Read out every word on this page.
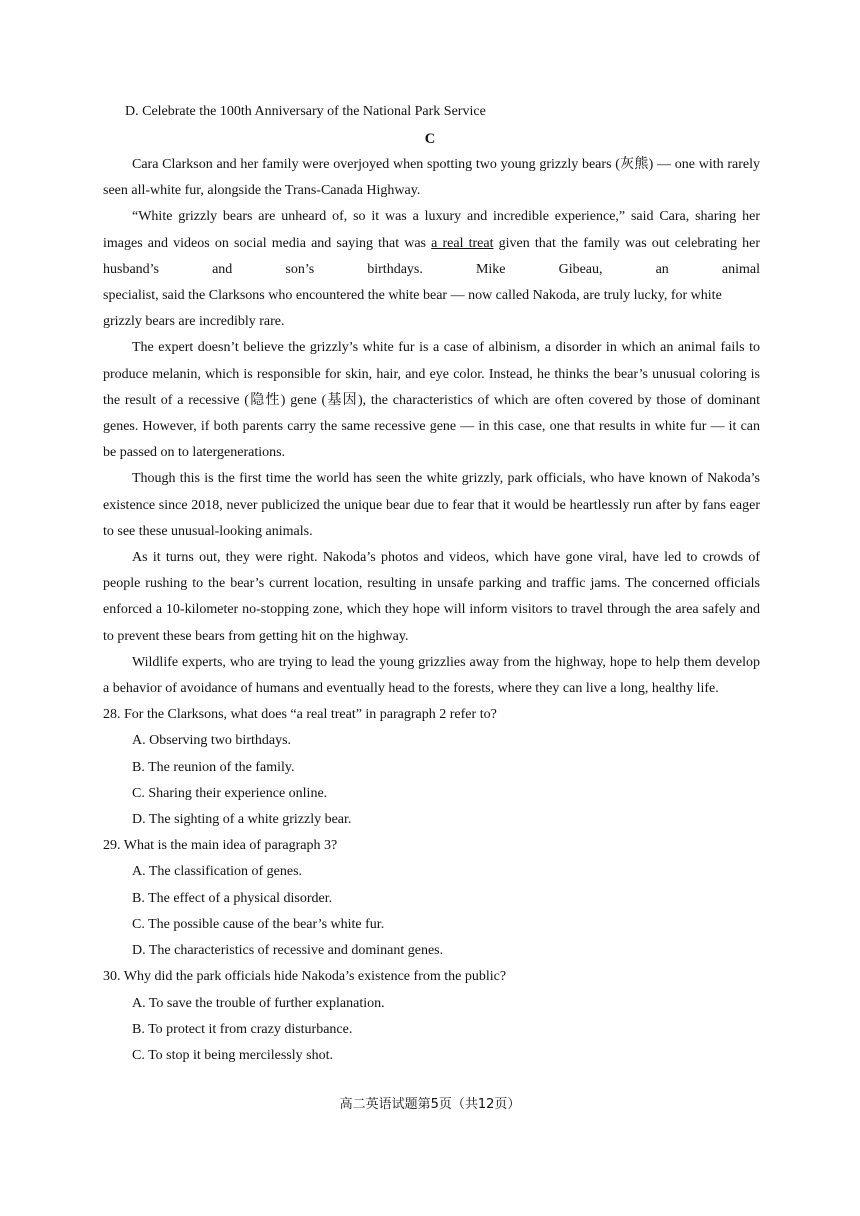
D. Celebrate the 100th Anniversary of the National Park Service
C

Cara Clarkson and her family were overjoyed when spotting two young grizzly bears (灰熊) — one with rarely seen all-white fur, alongside the Trans-Canada Highway.

“White grizzly bears are unheard of, so it was a luxury and incredible experience,” said Cara, sharing her images and videos on social media and saying that was a real treat given that the family was out celebrating her husband’s and son’s birthdays. Mike Gibeau, an animal

specialist, said the Clarksons who encountered the white bear — now called Nakoda, are truly lucky, for white grizzly bears are incredibly rare.

The expert doesn’t believe the grizzly’s white fur is a case of albinism, a disorder in which an animal fails to produce melanin, which is responsible for skin, hair, and eye color. Instead, he thinks the bear’s unusual coloring is the result of a recessive (隐性) gene (基因), the characteristics of which are often covered by those of dominant genes. However, if both parents carry the same recessive gene — in this case, one that results in white fur — it can be passed on to latergenerations.

Though this is the first time the world has seen the white grizzly, park officials, who have known of Nakoda’s existence since 2018, never publicized the unique bear due to fear that it would be heartlessly run after by fans eager to see these unusual-looking animals.

As it turns out, they were right. Nakoda’s photos and videos, which have gone viral, have led to crowds of people rushing to the bear’s current location, resulting in unsafe parking and traffic jams. The concerned officials enforced a 10-kilometer no-stopping zone, which they hope will inform visitors to travel through the area safely and to prevent these bears from getting hit on the highway.

Wildlife experts, who are trying to lead the young grizzlies away from the highway, hope to help them develop a behavior of avoidance of humans and eventually head to the forests, where they can live a long, healthy life.

28. For the Clarksons, what does “a real treat” in paragraph 2 refer to?
A. Observing two birthdays.
B. The reunion of the family.
C. Sharing their experience online.
D. The sighting of a white grizzly bear.
29. What is the main idea of paragraph 3?
A. The classification of genes.
B. The effect of a physical disorder.
C. The possible cause of the bear’s white fur.
D. The characteristics of recessive and dominant genes.
30. Why did the park officials hide Nakoda’s existence from the public?
A. To save the trouble of further explanation.
B. To protect it from crazy disturbance.
C. To stop it being mercilessly shot.
高二英语试题第5页（共12页）
